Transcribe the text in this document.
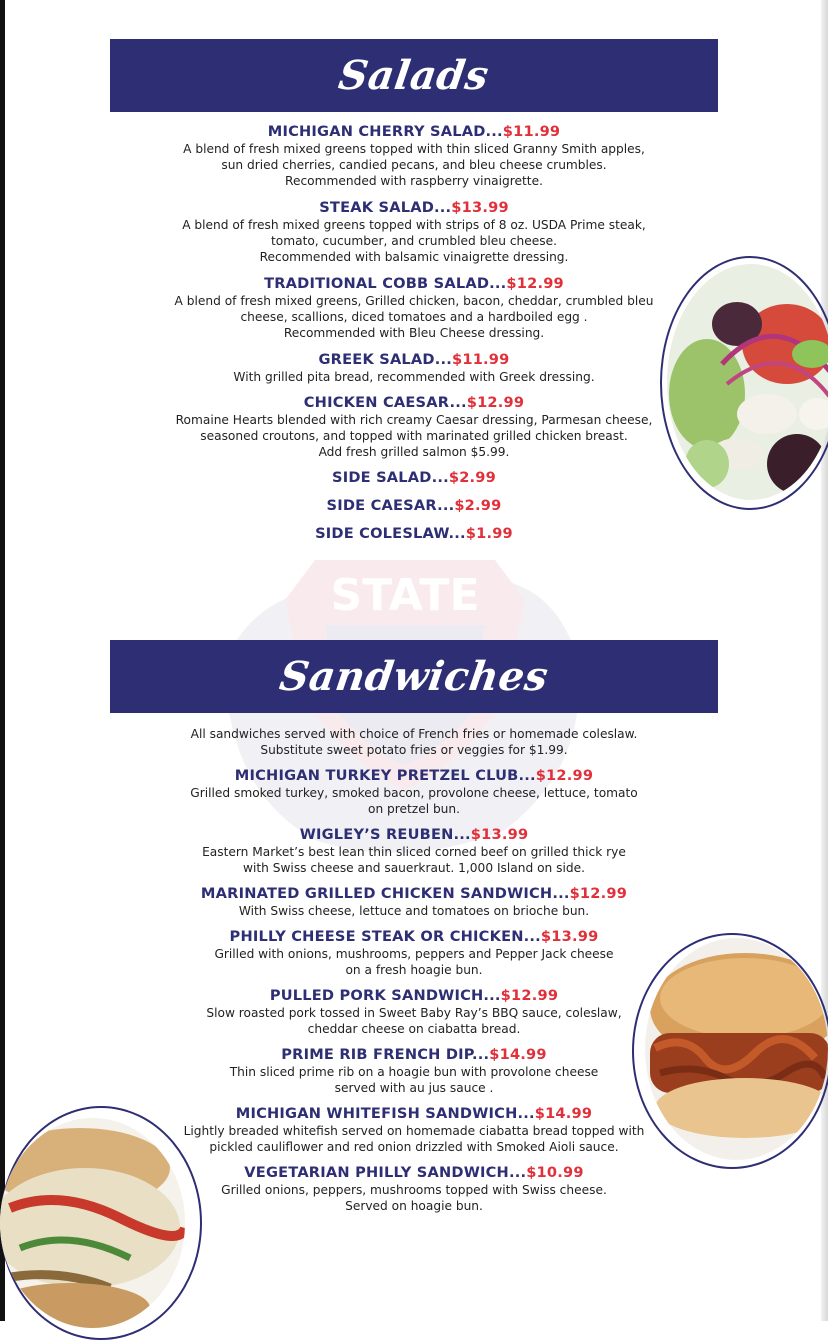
STATE
Salads
MICHIGAN CHERRY SALAD...$11.99

A blend of fresh mixed greens topped with thin sliced Granny Smith apples,

sun dried cherries, candied pecans, and bleu cheese crumbles.

Recommended with raspberry vinaigrette.

STEAK SALAD...$13.99

A blend of fresh mixed greens topped with strips of 8 oz. USDA Prime steak,

tomato, cucumber, and crumbled bleu cheese.

Recommended with balsamic vinaigrette dressing.

TRADITIONAL COBB SALAD...$12.99

A blend of fresh mixed greens, Grilled chicken, bacon, cheddar, crumbled bleu

cheese, scallions, diced tomatoes and a hardboiled egg .

Recommended with Bleu Cheese dressing.

GREEK SALAD...$11.99

With grilled pita bread, recommended with Greek dressing.

CHICKEN CAESAR...$12.99

Romaine Hearts blended with rich creamy Caesar dressing, Parmesan cheese,

seasoned croutons, and topped with marinated grilled chicken breast.

Add fresh grilled salmon $5.99.

SIDE SALAD...$2.99
SIDE CAESAR...$2.99
SIDE COLESLAW...$1.99
Sandwiches

All sandwiches served with choice of French fries or homemade coleslaw.

Substitute sweet potato fries or veggies for $1.99.

MICHIGAN TURKEY PRETZEL CLUB...$12.99

Grilled smoked turkey, smoked bacon, provolone cheese, lettuce, tomato

on pretzel bun.

WIGLEY’S REUBEN...$13.99

Eastern Market’s best lean thin sliced corned beef on grilled thick rye

with Swiss cheese and sauerkraut. 1,000 Island on side.

MARINATED GRILLED CHICKEN SANDWICH...$12.99

With Swiss cheese, lettuce and tomatoes on brioche bun.

PHILLY CHEESE STEAK OR CHICKEN...$13.99

Grilled with onions, mushrooms, peppers and Pepper Jack cheese

on a fresh hoagie bun.

PULLED PORK SANDWICH...$12.99

Slow roasted pork tossed in Sweet Baby Ray’s BBQ sauce, coleslaw,

cheddar cheese on ciabatta bread.

PRIME RIB FRENCH DIP...$14.99

Thin sliced prime rib on a hoagie bun with provolone cheese

served with au jus sauce .

MICHIGAN WHITEFISH SANDWICH...$14.99

Lightly breaded whitefish served on homemade ciabatta bread topped with

pickled cauliflower and red onion drizzled with Smoked Aioli sauce.

VEGETARIAN PHILLY SANDWICH...$10.99

Grilled onions, peppers, mushrooms topped with Swiss cheese.

Served on hoagie bun.
